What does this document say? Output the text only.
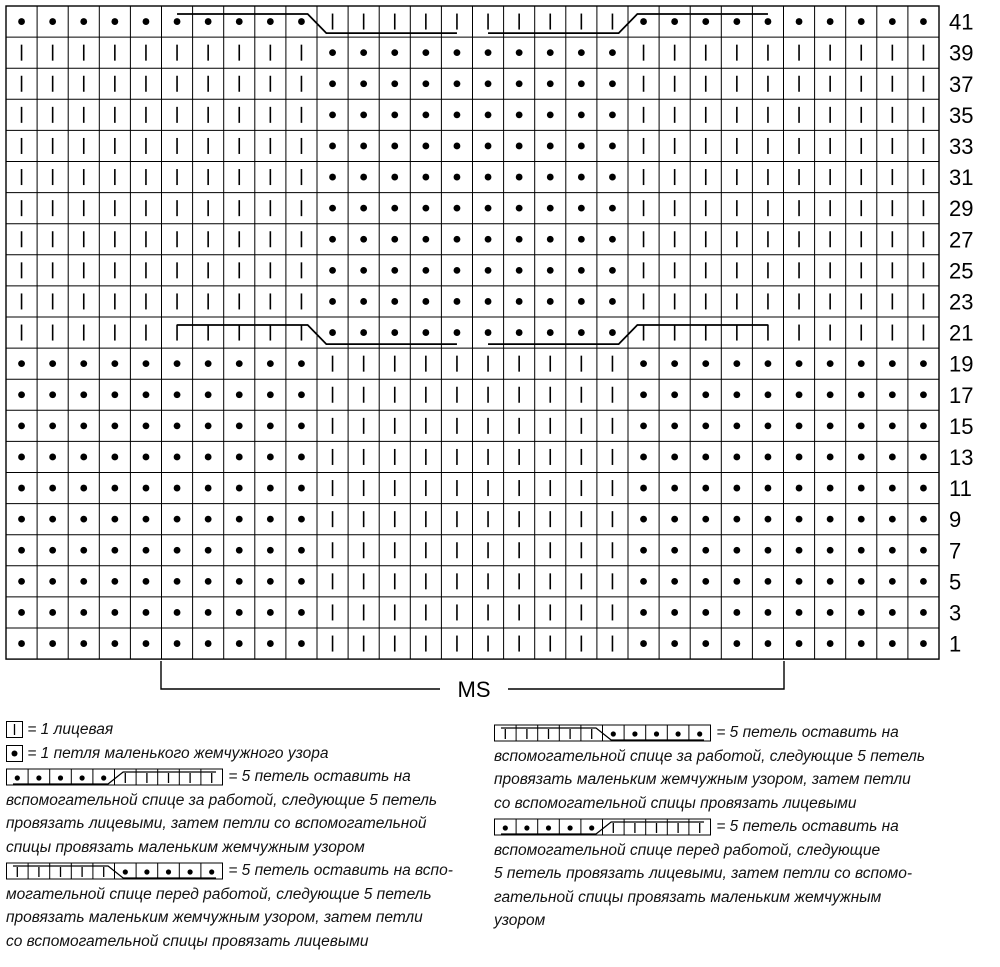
41
39
37
35
33
31
29
27
25
23
21
19
17
15
13
11
9
7
5
3
1
MS

= 1 лицевая

= 1 петля маленького жемчужного узора

= 5 петель оставить на

вспомогательной спице за работой, следующие 5 петель

провязать лицевыми, затем петли со вспомогательной

спицы провязать маленьким жемчужным узором

= 5 петель оставить на вспо-

могательной спице перед работой, следующие 5 петель

провязать маленьким жемчужным узором, затем петли

со вспомогательной спицы провязать лицевыми

= 5 петель оставить на

вспомогательной спице за работой, следующие 5 петель

провязать маленьким жемчужным узором, затем петли

со вспомогательной спицы провязать лицевыми

= 5 петель оставить на

вспомогательной спице перед работой, следующие

5 петель провязать лицевыми, затем петли со вспомо-

гательной спицы провязать маленьким жемчужным

узором
